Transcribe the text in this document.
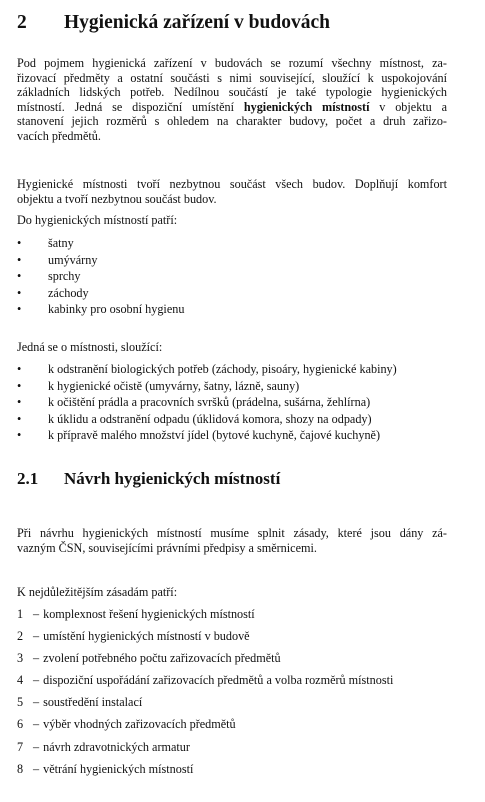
2 Hygienická zařízení v budovách
Pod pojmem hygienická zařízení v budovách se rozumí všechny místnost, za-
řizovací předměty a ostatní součásti s nimi související, sloužící k uspokojování
základních lidských potřeb. Nedílnou součástí je také typologie hygienických
místností. Jedná se dispoziční umístění hygienických místností v objektu a
stanovení jejich rozměrů s ohledem na charakter budovy, počet a druh zařizo-
vacích předmětů.
Hygienické místnosti tvoří nezbytnou součást všech budov. Doplňují komfort
objektu a tvoří nezbytnou součást budov.
Do hygienických místností patří:
•	šatny
•	umývárny
•	sprchy
•	záchody
•	kabinky pro osobní hygienu
Jedná se o místnosti, sloužící:
•	k odstranění biologických potřeb (záchody, pisoáry, hygienické kabiny)
•	k hygienické očistě (umyvárny, šatny, lázně, sauny)
•	k očištění prádla a pracovních svršků (prádelna, sušárna, žehlírna)
•	k úklidu a odstranění odpadu (úklidová komora, shozy na odpady)
•	k přípravě malého množství jídel (bytové kuchyně, čajové kuchyně)
2.1 Návrh hygienických místností
Při návrhu hygienických místností musíme splnit zásady, které jsou dány zá-
vazným ČSN, souvisejícími právními předpisy a směrnicemi.
K nejdůležitějším zásadám patří:
1 – komplexnost řešení hygienických místností
2 – umístění hygienických místností v budově
3 – zvolení potřebného počtu zařizovacích předmětů
4 – dispoziční uspořádání zařizovacích předmětů a volba rozměrů místnosti
5 – soustředění instalací
6 – výběr vhodných zařizovacích předmětů
7 – návrh zdravotnických armatur
8 – větrání hygienických místností
